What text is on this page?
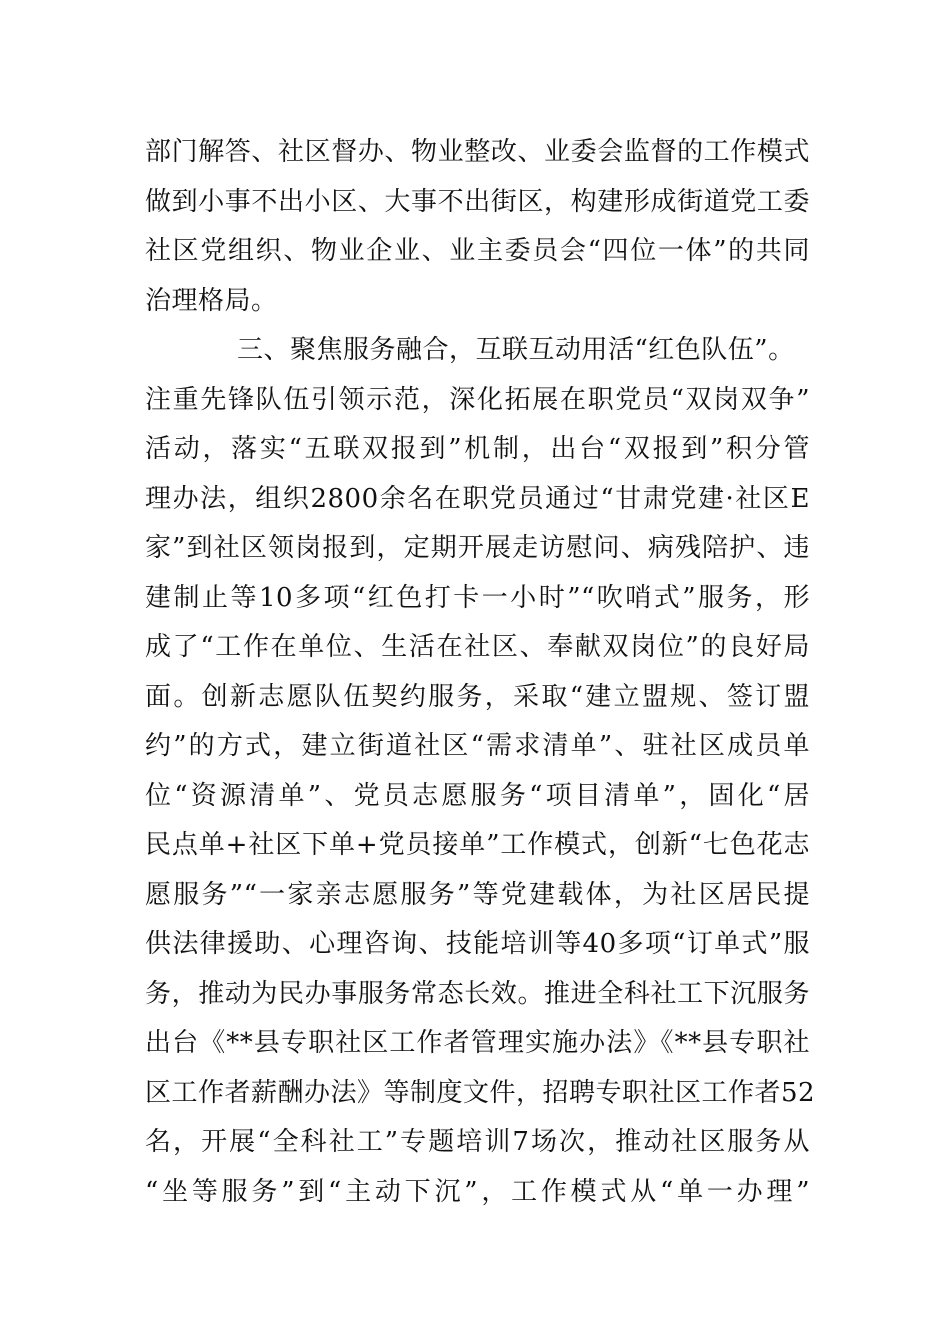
部门解答、社区督办、物业整改、业委会监督的工作模式
做到小事不出小区、大事不出街区，构建形成街道党工委
社区党组织、物业企业、业主委员会“四位一体”的共同
治理格局。
三、聚焦服务融合，互联互动用活“红色队伍”。
注重先锋队伍引领示范，深化拓展在职党员“双岗双争”
活动，落实“五联双报到”机制，出台“双报到”积分管
理办法，组织2800余名在职党员通过“甘肃党建·社区E
家”到社区领岗报到，定期开展走访慰问、病残陪护、违
建制止等10多项“红色打卡一小时”“吹哨式”服务，形
成了“工作在单位、生活在社区、奉献双岗位”的良好局
面。创新志愿队伍契约服务，采取“建立盟规、签订盟
约”的方式，建立街道社区“需求清单”、驻社区成员单
位“资源清单”、党员志愿服务“项目清单”，固化“居
民点单+社区下单+党员接单”工作模式，创新“七色花志
愿服务”“一家亲志愿服务”等党建载体，为社区居民提
供法律援助、心理咨询、技能培训等40多项“订单式”服
务，推动为民办事服务常态长效。推进全科社工下沉服务
出台《**县专职社区工作者管理实施办法》《**县专职社
区工作者薪酬办法》等制度文件，招聘专职社区工作者52
名，开展“全科社工”专题培训7场次，推动社区服务从
“坐等服务”到“主动下沉”，工作模式从“单一办理”
